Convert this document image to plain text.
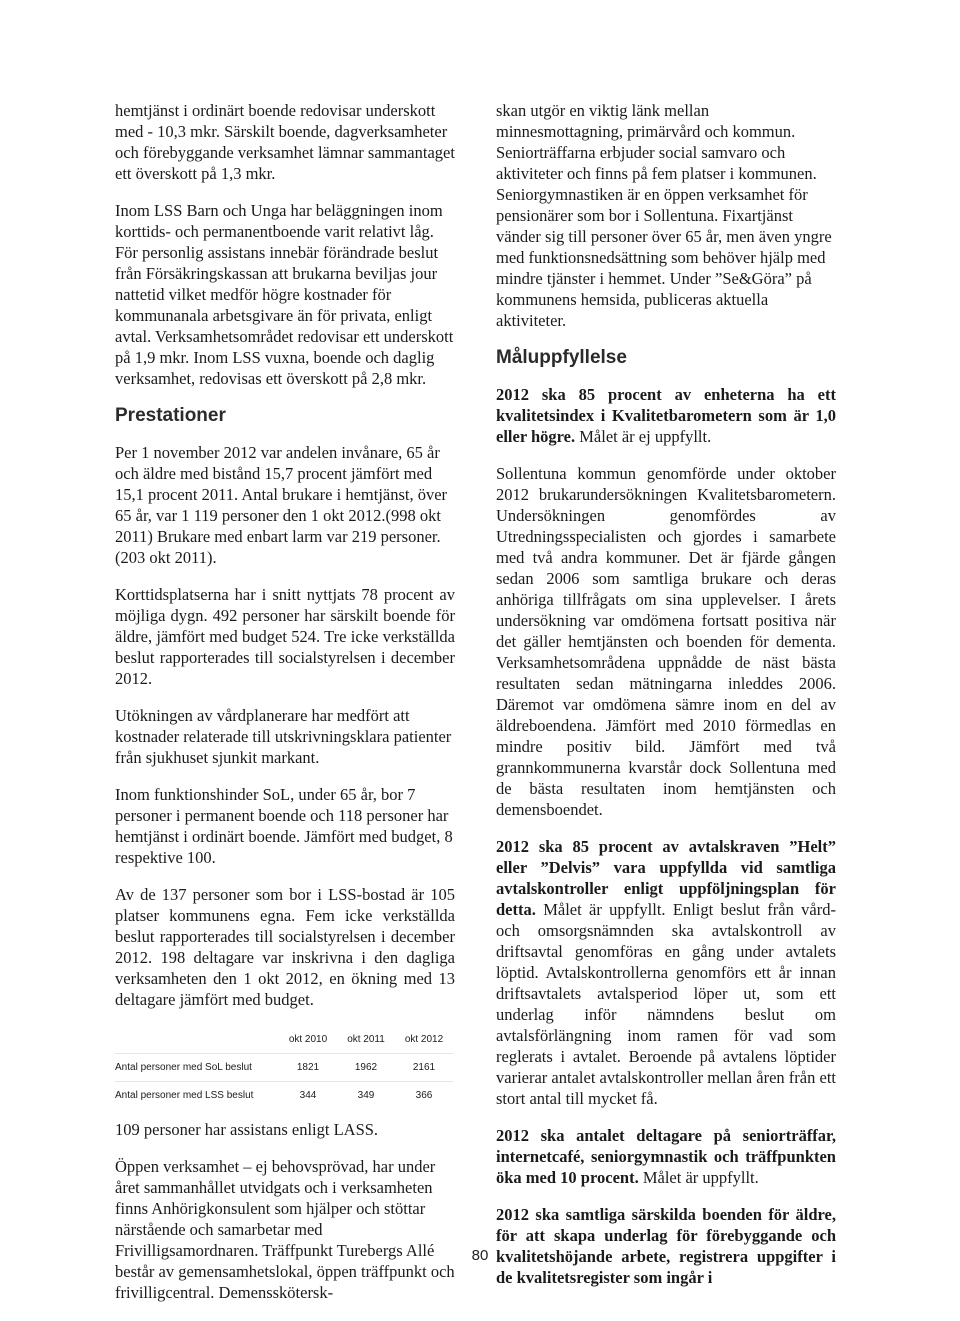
hemtjänst i ordinärt boende redovisar underskott med - 10,3 mkr. Särskilt boende, dagverksamheter och förebyggande verksamhet lämnar sammantaget ett överskott på 1,3 mkr.

Inom LSS Barn och Unga har beläggningen inom korttids- och permanentboende varit relativt låg. För personlig assistans innebär förändrade beslut från Försäkringskassan att brukarna beviljas jour nattetid vilket medför högre kostnader för kommunanala arbetsgivare än för privata, enligt avtal. Verksamhetsområdet redovisar ett underskott på 1,9 mkr. Inom LSS vuxna, boende och daglig verksamhet, redovisas ett överskott på 2,8 mkr.

Prestationer

Per 1 november 2012 var andelen invånare, 65 år och äldre med bistånd 15,7 procent jämfört med 15,1 procent 2011. Antal brukare i hemtjänst, över 65 år, var 1 119 personer den 1 okt 2012.(998 okt 2011) Brukare med enbart larm var 219 personer. (203 okt 2011).

Korttidsplatserna har i snitt nyttjats 78 procent av möjliga dygn. 492 personer har särskilt boende för äldre, jämfört med budget 524. Tre icke verkställda beslut rapporterades till socialstyrelsen i december 2012.

Utökningen av vårdplanerare har medfört att kostnader relaterade till utskrivningsklara patienter från sjukhuset sjunkit markant.

Inom funktionshinder SoL, under 65 år, bor 7 personer i permanent boende och 118 personer har hemtjänst i ordinärt boende. Jämfört med budget, 8 respektive 100.

Av de 137 personer som bor i LSS-bostad är 105 platser kommunens egna. Fem icke verkställda beslut rapporterades till socialstyrelsen i december 2012. 198 deltagare var inskrivna i den dagliga verksamheten den 1 okt 2012, en ökning med 13 deltagare jämfört med budget.

	okt 2010	okt 2011	okt 2012
Antal personer med SoL beslut	1821	1962	2161
Antal personer med LSS beslut	344	349	366

109 personer har assistans enligt LASS.

Öppen verksamhet – ej behovsprövad, har under året sammanhållet utvidgats och i verksamheten finns Anhörigkonsulent som hjälper och stöttar närstående och samarbetar med Frivilligsamordnaren. Träffpunkt Turebergs Allé består av gemensamhetslokal, öppen träffpunkt och frivilligcentral. Demensskötersk-

skan utgör en viktig länk mellan minnesmottagning, primärvård och kommun. Seniorträffarna erbjuder social samvaro och aktiviteter och finns på fem platser i kommunen. Seniorgymnastiken är en öppen verksamhet för pensionärer som bor i Sollentuna. Fixartjänst vänder sig till personer över 65 år, men även yngre med funktionsnedsättning som behöver hjälp med mindre tjänster i hemmet. Under ”Se&Göra” på kommunens hemsida, publiceras aktuella aktiviteter.

Måluppfyllelse

2012 ska 85 procent av enheterna ha ett kvalitetsindex i Kvalitetbarometern som är 1,0 eller högre. Målet är ej uppfyllt.

Sollentuna kommun genomförde under oktober 2012 brukarundersökningen Kvalitetsbarometern. Undersökningen genomfördes av Utredningsspecialisten och gjordes i samarbete med två andra kommuner. Det är fjärde gången sedan 2006 som samtliga brukare och deras anhöriga tillfrågats om sina upplevelser. I årets undersökning var omdömena fortsatt positiva när det gäller hemtjänsten och boenden för dementa. Verksamhetsområdena uppnådde de näst bästa resultaten sedan mätningarna inleddes 2006. Däremot var omdömena sämre inom en del av äldreboendena. Jämfört med 2010 förmedlas en mindre positiv bild. Jämfört med två grannkommunerna kvarstår dock Sollentuna med de bästa resultaten inom hemtjänsten och demensboendet.

2012 ska 85 procent av avtalskraven ”Helt” eller ”Delvis” vara uppfyllda vid samtliga avtalskontroller enligt uppföljningsplan för detta. Målet är uppfyllt. Enligt beslut från vård- och omsorgsnämnden ska avtalskontroll av driftsavtal genomföras en gång under avtalets löptid. Avtalskontrollerna genomförs ett år innan driftsavtalets avtalsperiod löper ut, som ett underlag inför nämndens beslut om avtalsförlängning inom ramen för vad som reglerats i avtalet. Beroende på avtalens löptider varierar antalet avtalskontroller mellan åren från ett stort antal till mycket få.

2012 ska antalet deltagare på seniorträffar, internetcafé, seniorgymnastik och träffpunkten öka med 10 procent. Målet är uppfyllt.

2012 ska samtliga särskilda boenden för äldre, för att skapa underlag för förebyggande och kvalitetshöjande arbete, registrera uppgifter i de kvalitetsregister som ingår i

80
